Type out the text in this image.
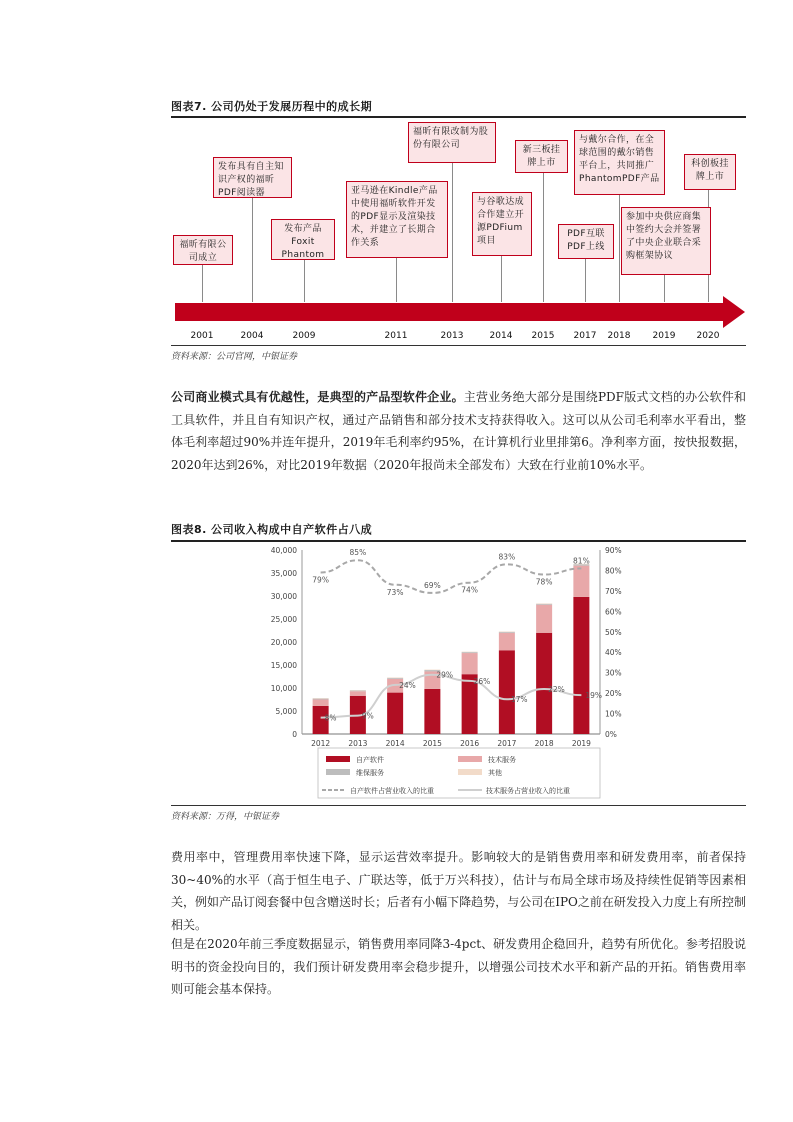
图表7. 公司仍处于发展历程中的成长期
福昕有限公司成立
发布具有自主知识产权的福昕PDF阅读器
发布产品Foxit Phantom
亚马逊在Kindle产品中使用福昕软件开发的PDF显示及渲染技术，并建立了长期合作关系
福昕有限改制为股份有限公司
与谷歌达成合作建立开源PDFium项目
新三板挂牌上市
PDF互联PDF上线
与戴尔合作，在全球范围的戴尔销售平台上，共同推广PhantomPDF产品
参加中央供应商集中签约大会并签署了中央企业联合采购框架协议
科创板挂牌上市
2001	2004	2009	2011	2013	2014 2015 2017 2018 2019 2020
资料来源：公司官网，中银证券
公司商业模式具有优越性，是典型的产品型软件企业。主营业务绝大部分是围绕PDF版式文档的办公软件和工具软件，并且自有知识产权，通过产品销售和部分技术支持获得收入。这可以从公司毛利率水平看出，整体毛利率超过90%并连年提升，2019年毛利率约95%，在计算机行业里排第6。净利率方面，按快报数据，2020年达到26%，对比2019年数据（2020年报尚未全部发布）大致在行业前10%水平。
图表8. 公司收入构成中自产软件占八成
0
5,000
10,000
15,000
20,000
25,000
30,000
35,000
40,000
0%
10%
20%
30%
40%
50%
60%
70%
80%
90%
2012 2013 2014 2015 2016 2017 2018 2019
79%
85%
73%
69%
74%
83%
78%
81%
8%	9%
24%
29%
26%
17%
22%
19%
自产软件	技术服务
维保服务	其他
自产软件占营业收入的比重	技术服务占营业收入的比重
资料来源：万得，中银证券
费用率中，管理费用率快速下降，显示运营效率提升。影响较大的是销售费用率和研发费用率，前者保持30~40%的水平（高于恒生电子、广联达等，低于万兴科技），估计与布局全球市场及持续性促销等因素相关，例如产品订阅套餐中包含赠送时长；后者有小幅下降趋势，与公司在IPO之前在研发投入力度上有所控制相关。
但是在2020年前三季度数据显示，销售费用率同降3-4pct、研发费用企稳回升，趋势有所优化。参考招股说明书的资金投向目的，我们预计研发费用率会稳步提升，以增强公司技术水平和新产品的开拓。销售费用率则可能会基本保持。
